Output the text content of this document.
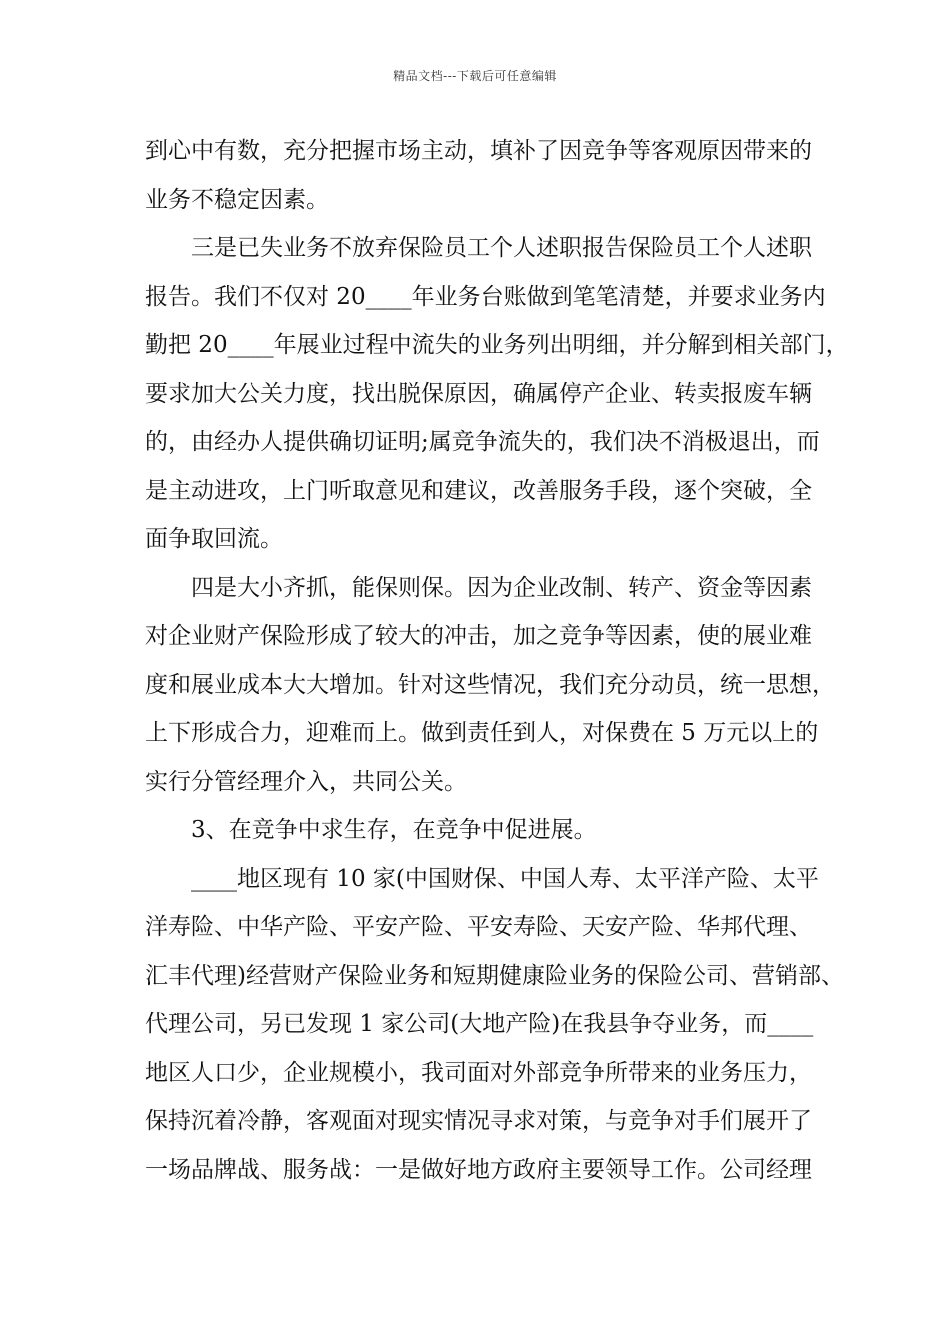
精品文档---下载后可任意编辑
到心中有数，充分把握市场主动，填补了因竞争等客观原因带来的
业务不稳定因素。
三是已失业务不放弃保险员工个人述职报告保险员工个人述职
报告。我们不仅对 20____年业务台账做到笔笔清楚，并要求业务内
勤把 20____年展业过程中流失的业务列出明细，并分解到相关部门，
要求加大公关力度，找出脱保原因，确属停产企业、转卖报废车辆
的，由经办人提供确切证明;属竞争流失的，我们决不消极退出，而
是主动进攻，上门听取意见和建议，改善服务手段，逐个突破，全
面争取回流。
四是大小齐抓，能保则保。因为企业改制、转产、资金等因素
对企业财产保险形成了较大的冲击，加之竞争等因素，使的展业难
度和展业成本大大增加。针对这些情况，我们充分动员，统一思想，
上下形成合力，迎难而上。做到责任到人，对保费在 5 万元以上的
实行分管经理介入，共同公关。
3、在竞争中求生存，在竞争中促进展。
____地区现有 10 家(中国财保、中国人寿、太平洋产险、太平
洋寿险、中华产险、平安产险、平安寿险、天安产险、华邦代理、
汇丰代理)经营财产保险业务和短期健康险业务的保险公司、营销部、
代理公司，另已发现 1 家公司(大地产险)在我县争夺业务，而____
地区人口少，企业规模小，我司面对外部竞争所带来的业务压力，
保持沉着冷静，客观面对现实情况寻求对策，与竞争对手们展开了
一场品牌战、服务战：一是做好地方政府主要领导工作。公司经理
